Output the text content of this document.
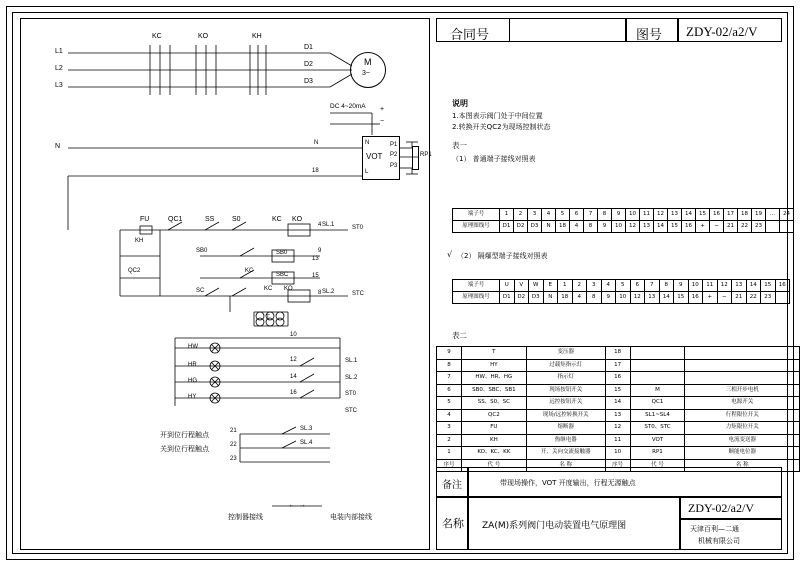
合同号	图号 ZDY-02/a2/V
说明
1.本图表示阀门处于中间位置
2.转换开关QC2为现场控制状态
表一
（1） 普通端子接线对照表
端子号	1	2	3	4	5	6	7	8	9	10	11	12	13	14	15	16	17	18	19	…	24
原理图线号	D1	D2	D3	N	18	4	8	9	10	12	13	14	15	16	+	−	21	22	23		
√ （2） 隔爆型端子接线对照表
端子号	U	V	W	E	1	2	3	4	5	6	7	8	9	10	11	12	13	14	15	16
原理图线号	D1	D2	D3	N	18	4	8	9	10	12	13	14	15	16	+	−	21	22	23	
表二
9	T	变压器	18		
8	HY	过载矩指示灯	17		
7	HW、HR、HG	指示灯	16		
6	SB0、SBC、SB1	现场按钮开关	15	M	三相开步电机
5	SS、S0、SC	远控按钮开关	14	QC1	电源开关
4	QC2	现场/远控转换开关	13	SL1~SL4	行程限位开关
3	FU	熔断器	12	ST0、STC	力矩限位开关
2	KH	热继电器	11	VOT	电流变送器
1	KO、KC、KK	开、关向交流接触器	10	RP1	顺能电位器
序号	代 号	名 称	序号	代 号	名 称
备注	带现场操作，VOT 开度输出，行程无源触点
名称 ZA(M)系列阀门电动装置电气原理图
ZDY-02/a2/V
天津百利—二通
机械有限公司
L1
L2
L3
N
KC	KO	KH
D1
D2
D3
M
3~
DC 4~20mA +
−
VOT
L
N	P1
P2
P3
RP1
N
18
FU	QC1
KH
QC2
SS	S0	KC KO
SB0	SB0
SBC
KC
SC	KC KO
SL.1
SL.2
ST0
STC
4
9
13
15
8
T
HW
HR
HG
HY
10
12
14
16
SL.1
SL.2
ST0
STC
开到位行程触点
关到位行程触点
21
22
23
SL.3
SL.4
控制器接线	电装内部接线
← →
